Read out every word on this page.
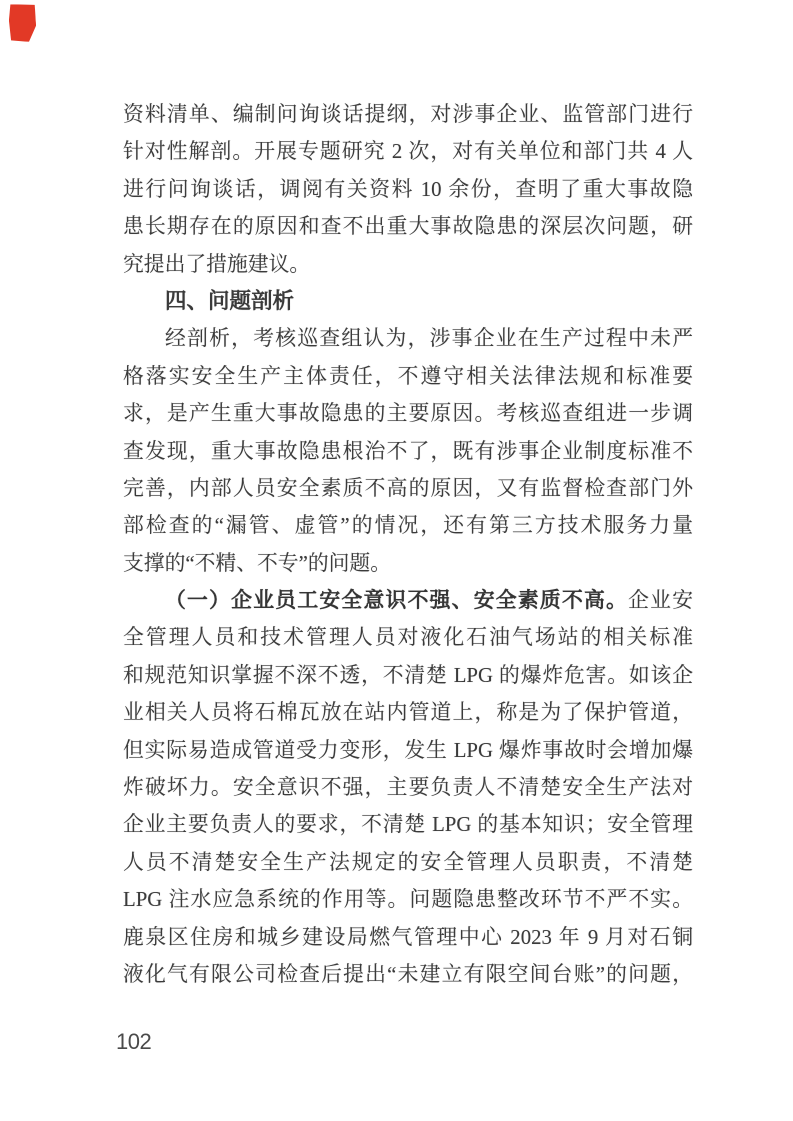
资料清单、编制问询谈话提纲，对涉事企业、监管部门进行
针对性解剖。开展专题研究 2 次，对有关单位和部门共 4 人
进行问询谈话，调阅有关资料 10 余份，查明了重大事故隐
患长期存在的原因和查不出重大事故隐患的深层次问题，研
究提出了措施建议。
四、问题剖析
经剖析，考核巡查组认为，涉事企业在生产过程中未严
格落实安全生产主体责任，不遵守相关法律法规和标准要
求，是产生重大事故隐患的主要原因。考核巡查组进一步调
查发现，重大事故隐患根治不了，既有涉事企业制度标准不
完善，内部人员安全素质不高的原因，又有监督检查部门外
部检查的“漏管、虚管”的情况，还有第三方技术服务力量
支撑的“不精、不专”的问题。
（一）企业员工安全意识不强、安全素质不高。企业安
全管理人员和技术管理人员对液化石油气场站的相关标准
和规范知识掌握不深不透，不清楚 LPG 的爆炸危害。如该企
业相关人员将石棉瓦放在站内管道上，称是为了保护管道，
但实际易造成管道受力变形，发生 LPG 爆炸事故时会增加爆
炸破坏力。安全意识不强，主要负责人不清楚安全生产法对
企业主要负责人的要求，不清楚 LPG 的基本知识；安全管理
人员不清楚安全生产法规定的安全管理人员职责，不清楚
LPG 注水应急系统的作用等。问题隐患整改环节不严不实。
鹿泉区住房和城乡建设局燃气管理中心 2023 年 9 月对石铜
液化气有限公司检查后提出“未建立有限空间台账”的问题，
102
